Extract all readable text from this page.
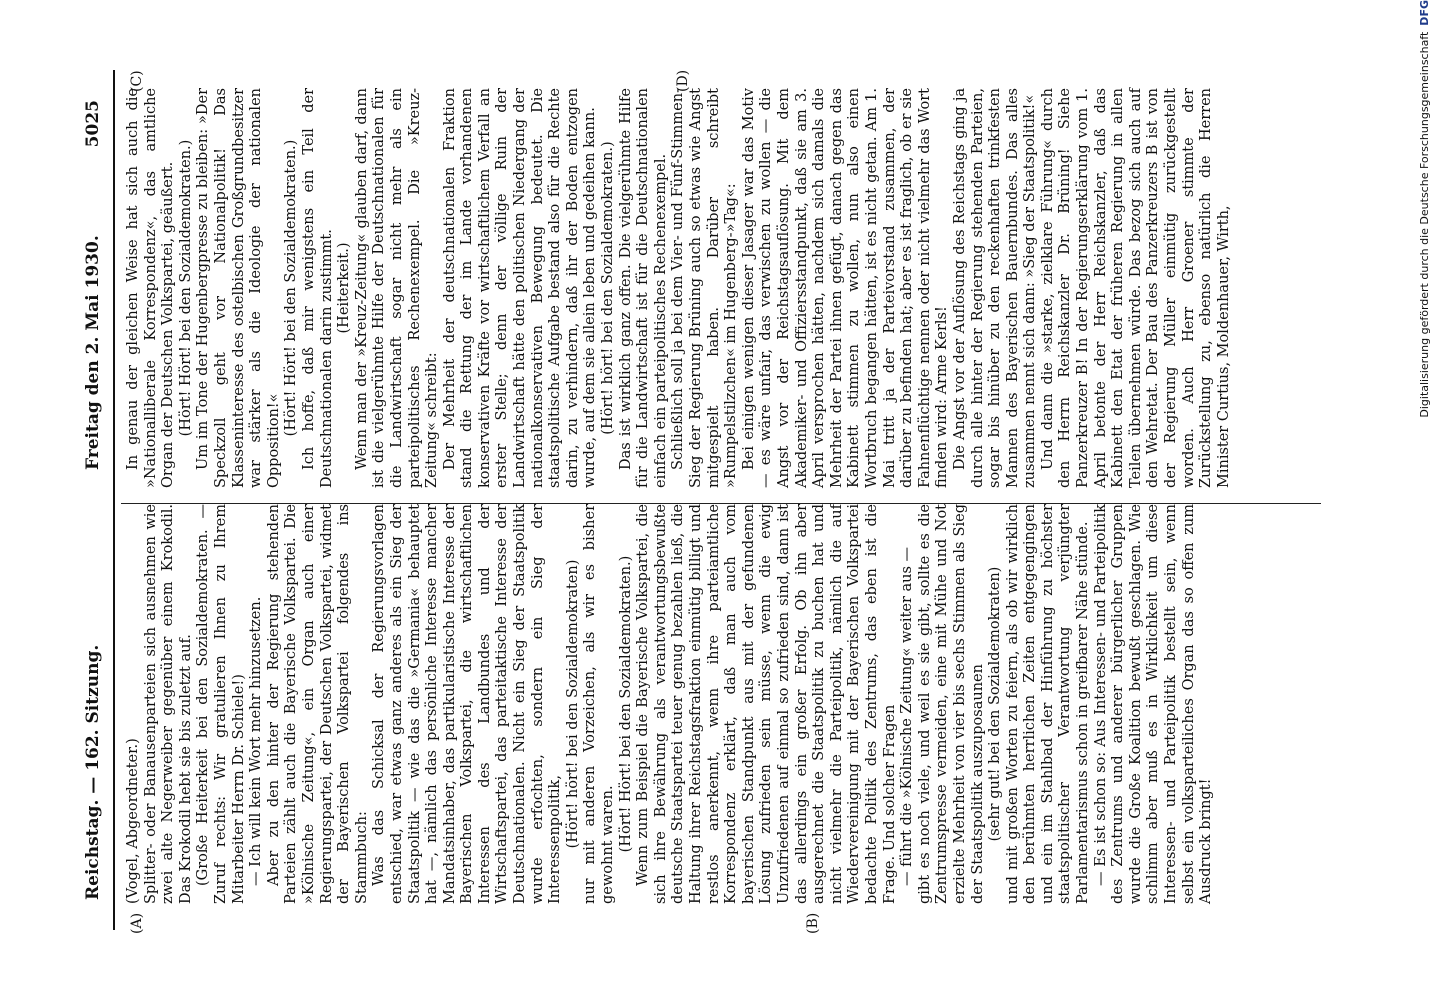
Reichstag. — 162. Sitzung.
Freitag den 2. Mai 1930.
5025
(A)	(B)
(C)	(D)

(Vogel, Abgeordneter.) Splitter- oder Banausenparteien sich ausnehmen wie zwei alte Negerweiber gegenüber einem Krokodil. Das Krokodil hebt sie bis zuletzt auf. (Große Heiterkeit bei den Sozialdemokraten. — Zuruf rechts: Wir gratulieren Ihnen zu Ihrem Mitarbeiter Herrn Dr. Schiele!) — Ich will kein Wort mehr hinzusetzen. Aber zu den hinter der Regierung stehenden Parteien zählt auch die Bayerische Volkspartei. Die »Kölnische Zeitung«, ein Organ auch einer Regierungspartei, der Deutschen Volkspartei, widmet der Bayerischen Volkspartei folgendes ins Stammbuch: Was das Schicksal der Regierungsvorlagen entschied, war etwas ganz anderes als ein Sieg der Staatspolitik — wie das die »Germania« behauptet hat —, nämlich das persönliche Interesse mancher Mandatsinhaber, das partikularistische Interesse der Bayerischen Volkspartei, die wirtschaftlichen Interessen des Landbundes und der Wirtschaftspartei, das parteitaktische Interesse der Deutschnationalen. Nicht ein Sieg der Staatspolitik wurde erfochten, sondern ein Sieg der Interessenpolitik, (Hört! hört! bei den Sozialdemokraten) nur mit anderen Vorzeichen, als wir es bisher gewohnt waren. (Hört! Hört! bei den Sozialdemokraten.) Wenn zum Beispiel die Bayerische Volkspartei, die sich ihre Bewährung als verantwortungsbewußte deutsche Staatspartei teuer genug bezahlen ließ, die Haltung ihrer Reichstagsfraktion einmütig billigt und restlos anerkennt, wenn ihre parteiamtliche Korrespondenz erklärt, daß man auch vom bayerischen Standpunkt aus mit der gefundenen Lösung zufrieden sein müsse, wenn die ewig Unzufriedenen auf einmal so zufrieden sind, dann ist das allerdings ein großer Erfolg. Ob ihn aber ausgerechnet die Staatspolitik zu buchen hat und nicht vielmehr die Parteipolitik, nämlich die auf Wiedervereinigung mit der Bayerischen Volkspartei bedachte Politik des Zentrums, das eben ist die Frage. Und solcher Fragen — führt die »Kölnische Zeitung« weiter aus — gibt es noch viele, und weil es sie gibt, sollte es die Zentrumspresse vermeiden, eine mit Mühe und Not erzielte Mehrheit von vier bis sechs Stimmen als Sieg der Staatspolitik auszuposaunen (sehr gut! bei den Sozialdemokraten) und mit großen Worten zu feiern, als ob wir wirklich den berühmten herrlichen Zeiten entgegengingen und ein im Stahlbad der Hinführung zu höchster staatspolitischer Verantwortung verjüngter Parlamentarismus schon in greifbarer Nähe stünde. — Es ist schon so: Aus Interessen- und Parteipolitik des Zentrums und anderer bürgerlicher Gruppen wurde die Große Koalition bewußt geschlagen. Wie schlimm aber muß es in Wirklichkeit um diese Interessen- und Parteipolitik bestellt sein, wenn selbst ein volksparteiliches Organ das so offen zum Ausdruck bringt!

In genau der gleichen Weise hat sich auch die »Nationalliberale Korrespondenz«, das amtliche Organ der Deutschen Volkspartei, geäußert. (Hört! Hört! bei den Sozialdemokraten.) Um im Tone der Hugenbergpresse zu bleiben: »Der Speckzoll geht vor Nationalpolitik! Das Klasseninteresse des ostelbischen Großgrundbesitzer war stärker als die Ideologie der nationalen Opposition!«

(Hört! Hört! bei den Sozialdemokraten.) Ich hoffe, daß mir wenigstens ein Teil der Deutschnationalen darin zustimmt. (Heiterkeit.) Wenn man der »Kreuz-Zeitung« glauben darf, dann ist die vielgerühmte Hilfe der Deutschnationalen für die Landwirtschaft sogar nicht mehr als ein parteipolitisches Rechenexempel. Die »Kreuz-Zeitung« schreibt: Der Mehrheit der deutschnationalen Fraktion stand die Rettung der im Lande vorhandenen konservativen Kräfte vor wirtschaftlichem Verfall an erster Stelle; denn der völlige Ruin der Landwirtschaft hätte den politischen Niedergang der nationalkonservativen Bewegung bedeutet. Die staatspolitische Aufgabe bestand also für die Rechte darin, zu verhindern, daß ihr der Boden entzogen wurde, auf dem sie allein leben und gedeihen kann. (Hört! hört! bei den Sozialdemokraten.) Das ist wirklich ganz offen. Die vielgerühmte Hilfe für die Landwirtschaft ist für die Deutschnationalen einfach ein parteipolitisches Rechenexempel. Schließlich soll ja bei dem Vier- und Fünf-Stimmen-Sieg der Regierung Brüning auch so etwas wie Angst mitgespielt haben. Darüber schreibt »Rumpelstilzchen« im Hugenberg-»Tag«: Bei einigen wenigen dieser Jasager war das Motiv — es wäre unfair, das verwischen zu wollen — die Angst vor der Reichstagsauflösung. Mit dem Akademiker- und Offiziersstandpunkt, daß sie am 3. April versprochen hätten, nachdem sich damals die Mehrheit der Partei ihnen gefügt, danach gegen das Kabinett stimmen zu wollen, nun also einen Wortbruch begangen hätten, ist es nicht getan. Am 1. Mai tritt ja der Parteivorstand zusammen, der darüber zu befinden hat; aber es ist fraglich, ob er sie Fahnenflüchtige nennen oder nicht vielmehr das Wort finden wird: Arme Kerls! Die Angst vor der Auflösung des Reichstags ging ja durch alle hinter der Regierung stehenden Parteien, sogar bis hinüber zu den reckenhaften trinkfesten Mannen des Bayerischen Bauernbundes. Das alles zusammen nennt sich dann: »Sieg der Staatspolitik!« Und dann die »starke, zielklare Führung« durch den Herrn Reichskanzler Dr. Brüning! Siehe Panzerkreuzer B! In der Regierungserklärung vom 1. April betonte der Herr Reichskanzler, daß das Kabinett den Etat der früheren Regierung in allen Teilen übernehmen würde. Das bezog sich auch auf den Wehretat. Der Bau des Panzerkreuzers B ist von der Regierung Müller einmütig zurückgestellt worden. Auch Herr Groener stimmte der Zurückstellung zu, ebenso natürlich die Herren Minister Curtius, Moldenhauer, Wirth,	Digitalisierung gefördert durch die Deutsche ForschungsgemeinschaftDFG
